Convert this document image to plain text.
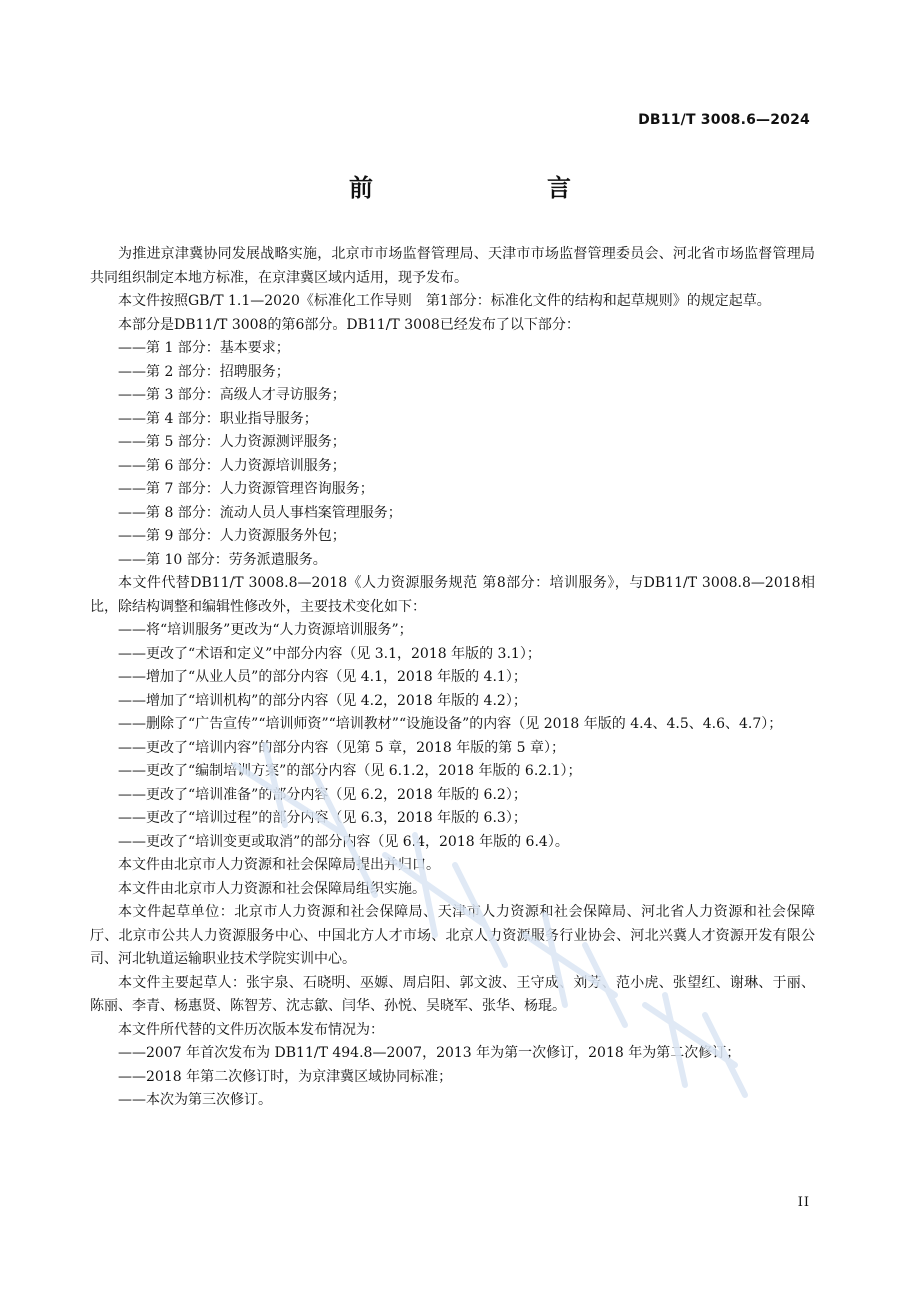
DB11/T 3008.6—2024
前　　言
为推进京津冀协同发展战略实施，北京市市场监督管理局、天津市市场监督管理委员会、河北省市场监督管理局共同组织制定本地方标准，在京津冀区域内适用，现予发布。
本文件按照GB/T 1.1—2020《标准化工作导则　第1部分：标准化文件的结构和起草规则》的规定起草。
本部分是DB11/T 3008的第6部分。DB11/T 3008已经发布了以下部分：
——第 1 部分：基本要求；
——第 2 部分：招聘服务；
——第 3 部分：高级人才寻访服务；
——第 4 部分：职业指导服务；
——第 5 部分：人力资源测评服务；
——第 6 部分：人力资源培训服务；
——第 7 部分：人力资源管理咨询服务；
——第 8 部分：流动人员人事档案管理服务；
——第 9 部分：人力资源服务外包；
——第 10 部分：劳务派遣服务。
本文件代替DB11/T 3008.8—2018《人力资源服务规范 第8部分：培训服务》，与DB11/T 3008.8—2018相比，除结构调整和编辑性修改外，主要技术变化如下：
——将“培训服务”更改为“人力资源培训服务”；
——更改了“术语和定义”中部分内容（见 3.1，2018 年版的 3.1）；
——增加了“从业人员”的部分内容（见 4.1，2018 年版的 4.1）；
——增加了“培训机构”的部分内容（见 4.2，2018 年版的 4.2）；
——删除了“广告宣传”“培训师资”“培训教材”“设施设备”的内容（见 2018 年版的 4.4、4.5、4.6、4.7）；
——更改了“培训内容”的部分内容（见第 5 章，2018 年版的第 5 章）；
——更改了“编制培训方案”的部分内容（见 6.1.2，2018 年版的 6.2.1）；
——更改了“培训准备”的部分内容（见 6.2，2018 年版的 6.2）；
——更改了“培训过程”的部分内容（见 6.3，2018 年版的 6.3）；
——更改了“培训变更或取消”的部分内容（见 6.4，2018 年版的 6.4）。
本文件由北京市人力资源和社会保障局提出并归口。
本文件由北京市人力资源和社会保障局组织实施。
本文件起草单位：北京市人力资源和社会保障局、天津市人力资源和社会保障局、河北省人力资源和社会保障厅、北京市公共人力资源服务中心、中国北方人才市场、北京人力资源服务行业协会、河北兴冀人才资源开发有限公司、河北轨道运输职业技术学院实训中心。
本文件主要起草人：张宇泉、石晓明、巫嫄、周启阳、郭文波、王守成、刘芳、范小虎、张望红、谢琳、于丽、陈丽、李青、杨惠贤、陈智芳、沈志歙、闫华、孙悦、吴晓军、张华、杨琨。
本文件所代替的文件历次版本发布情况为：
——2007 年首次发布为 DB11/T 494.8—2007，2013 年为第一次修订，2018 年为第二次修订；
——2018 年第二次修订时，为京津冀区域协同标准；
——本次为第三次修订。
II
